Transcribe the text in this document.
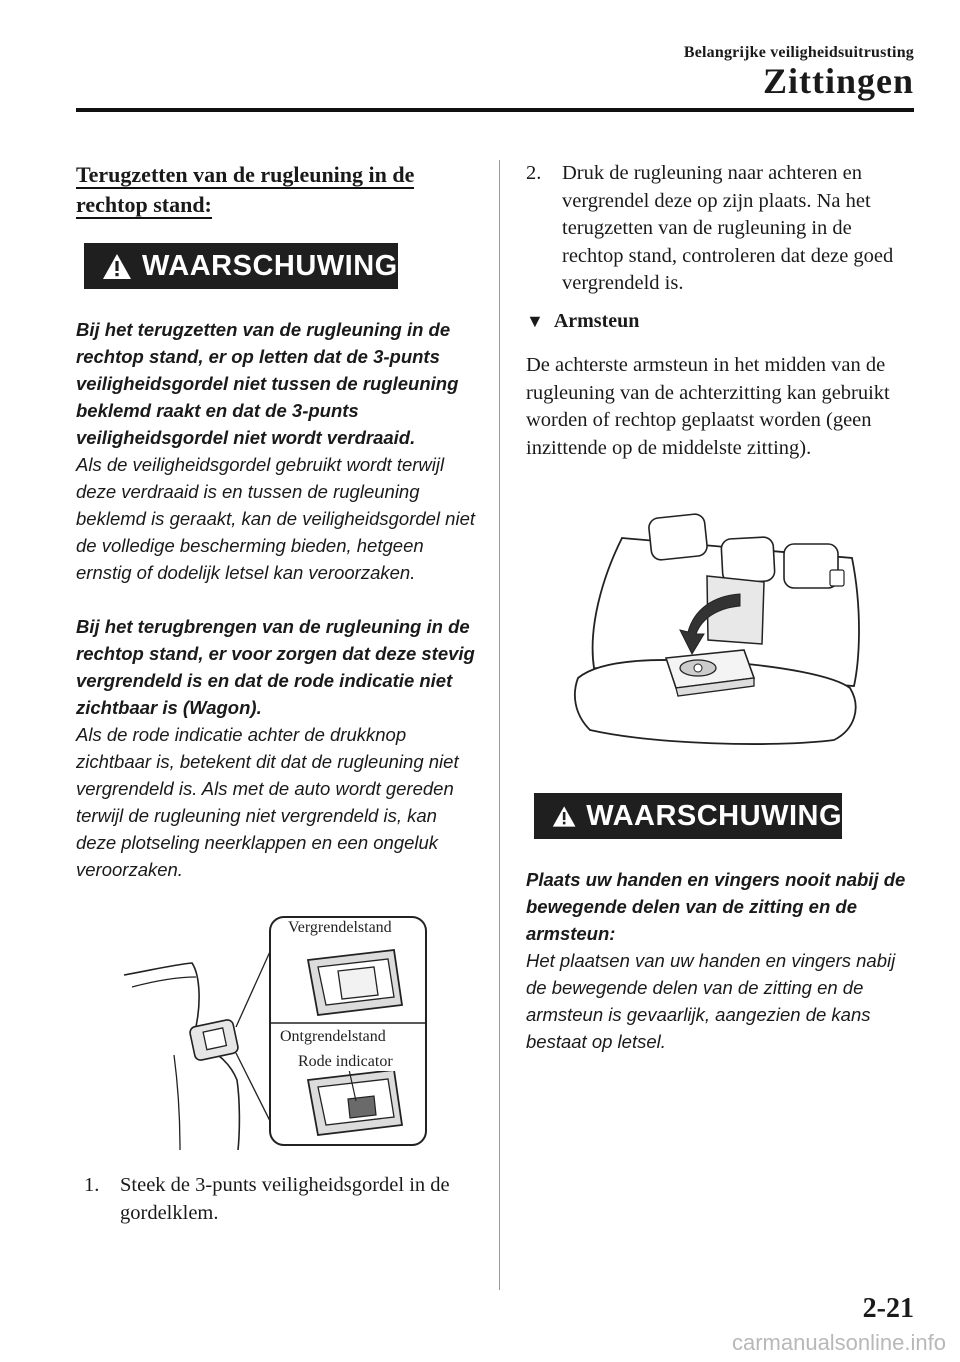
Belangrijke veiligheidsuitrusting
Zittingen
Terugzetten van de rugleuning in de rechtop stand:
WAARSCHUWING

Bij het terugzetten van de rugleuning in de rechtop stand, er op letten dat de 3-punts veiligheidsgordel niet tussen de rugleuning beklemd raakt en dat de 3-punts veiligheidsgordel niet wordt verdraaid.

Als de veiligheidsgordel gebruikt wordt terwijl deze verdraaid is en tussen de rugleuning beklemd is geraakt, kan de veiligheidsgordel niet de volledige bescherming bieden, hetgeen ernstig of dodelijk letsel kan veroorzaken.

Bij het terugbrengen van de rugleuning in de rechtop stand, er voor zorgen dat deze stevig vergrendeld is en dat de rode indicatie niet zichtbaar is (Wagon).

Als de rode indicatie achter de drukknop zichtbaar is, betekent dit dat de rugleuning niet vergrendeld is. Als met de auto wordt gereden terwijl de rugleuning niet vergrendeld is, kan deze plotseling neerklappen en een ongeluk veroorzaken.

Vergrendelstand
Ontgrendelstand
Rode indicator
1.	Steek de 3-punts veiligheidsgordel in de gordelklem.
2.	Druk de rugleuning naar achteren en vergrendel deze op zijn plaats. Na het terugzetten van de rugleuning in de rechtop stand, controleren dat deze goed vergrendeld is.
▼ Armsteun
De achterste armsteun in het midden van de rugleuning van de achterzitting kan gebruikt worden of rechtop geplaatst worden (geen inzittende op de middelste zitting).
WAARSCHUWING

Plaats uw handen en vingers nooit nabij de bewegende delen van de zitting en de armsteun:

Het plaatsen van uw handen en vingers nabij de bewegende delen van de zitting en de armsteun is gevaarlijk, aangezien de kans bestaat op letsel.

2-21
carmanualsonline.info
